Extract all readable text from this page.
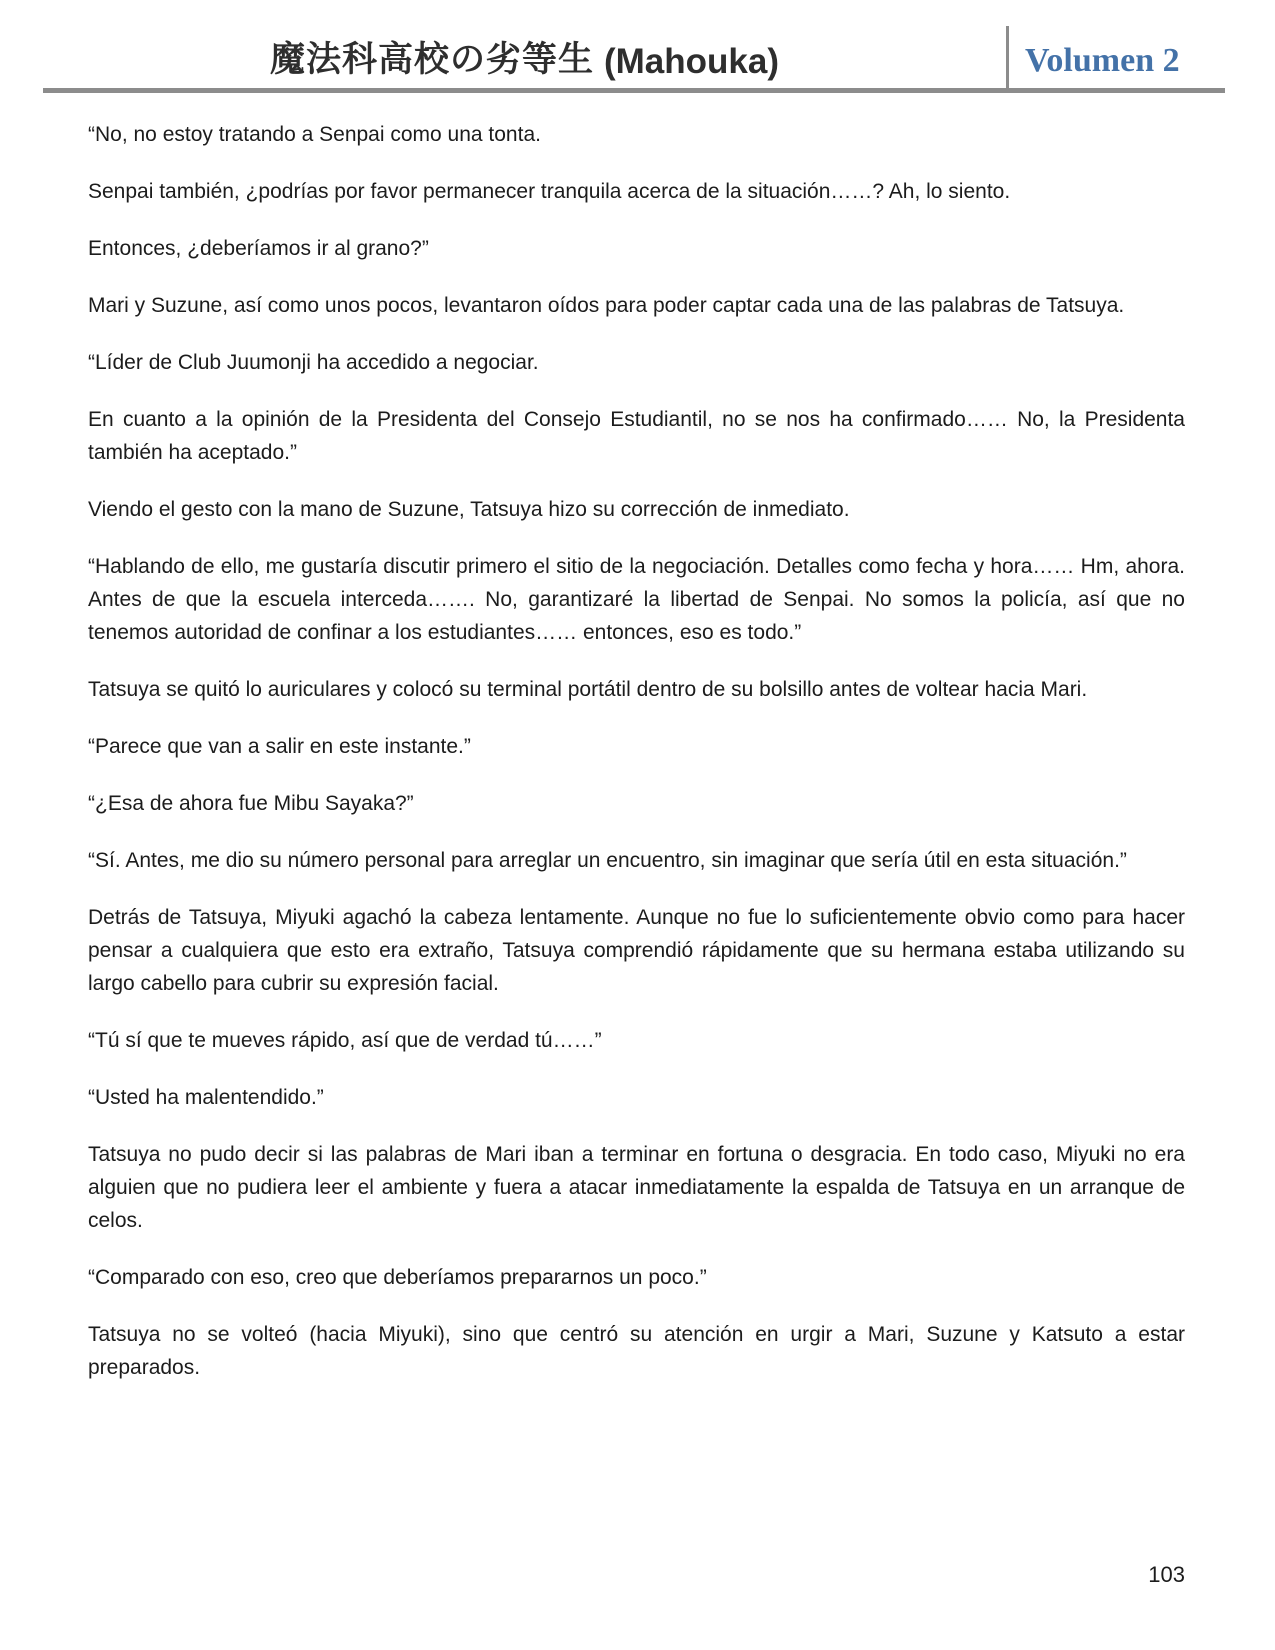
魔法科高校の劣等生 (Mahouka)	Volumen 2

“No, no estoy tratando a Senpai como una tonta.

Senpai también, ¿podrías por favor permanecer tranquila acerca de la situación……? Ah, lo siento.

Entonces, ¿deberíamos ir al grano?”

Mari y Suzune, así como unos pocos, levantaron oídos para poder captar cada una de las palabras de Tatsuya.

“Líder de Club Juumonji ha accedido a negociar.

En cuanto a la opinión de la Presidenta del Consejo Estudiantil, no se nos ha confirmado…… No, la Presidenta también ha aceptado.”

Viendo el gesto con la mano de Suzune, Tatsuya hizo su corrección de inmediato.

“Hablando de ello, me gustaría discutir primero el sitio de la negociación. Detalles como fecha y hora…… Hm, ahora. Antes de que la escuela interceda……. No, garantizaré la libertad de Senpai. No somos la policía, así que no tenemos autoridad de confinar a los estudiantes…… entonces, eso es todo.”

Tatsuya se quitó lo auriculares y colocó su terminal portátil dentro de su bolsillo antes de voltear hacia Mari.

“Parece que van a salir en este instante.”

“¿Esa de ahora fue Mibu Sayaka?”

“Sí. Antes, me dio su número personal para arreglar un encuentro, sin imaginar que sería útil en esta situación.”

Detrás de Tatsuya, Miyuki agachó la cabeza lentamente. Aunque no fue lo suficientemente obvio como para hacer pensar a cualquiera que esto era extraño, Tatsuya comprendió rápidamente que su hermana estaba utilizando su largo cabello para cubrir su expresión facial.

“Tú sí que te mueves rápido, así que de verdad tú……”

“Usted ha malentendido.”

Tatsuya no pudo decir si las palabras de Mari iban a terminar en fortuna o desgracia. En todo caso, Miyuki no era alguien que no pudiera leer el ambiente y fuera a atacar inmediatamente la espalda de Tatsuya en un arranque de celos.

“Comparado con eso, creo que deberíamos prepararnos un poco.”

Tatsuya no se volteó (hacia Miyuki), sino que centró su atención en urgir a Mari, Suzune y Katsuto a estar preparados.

103
